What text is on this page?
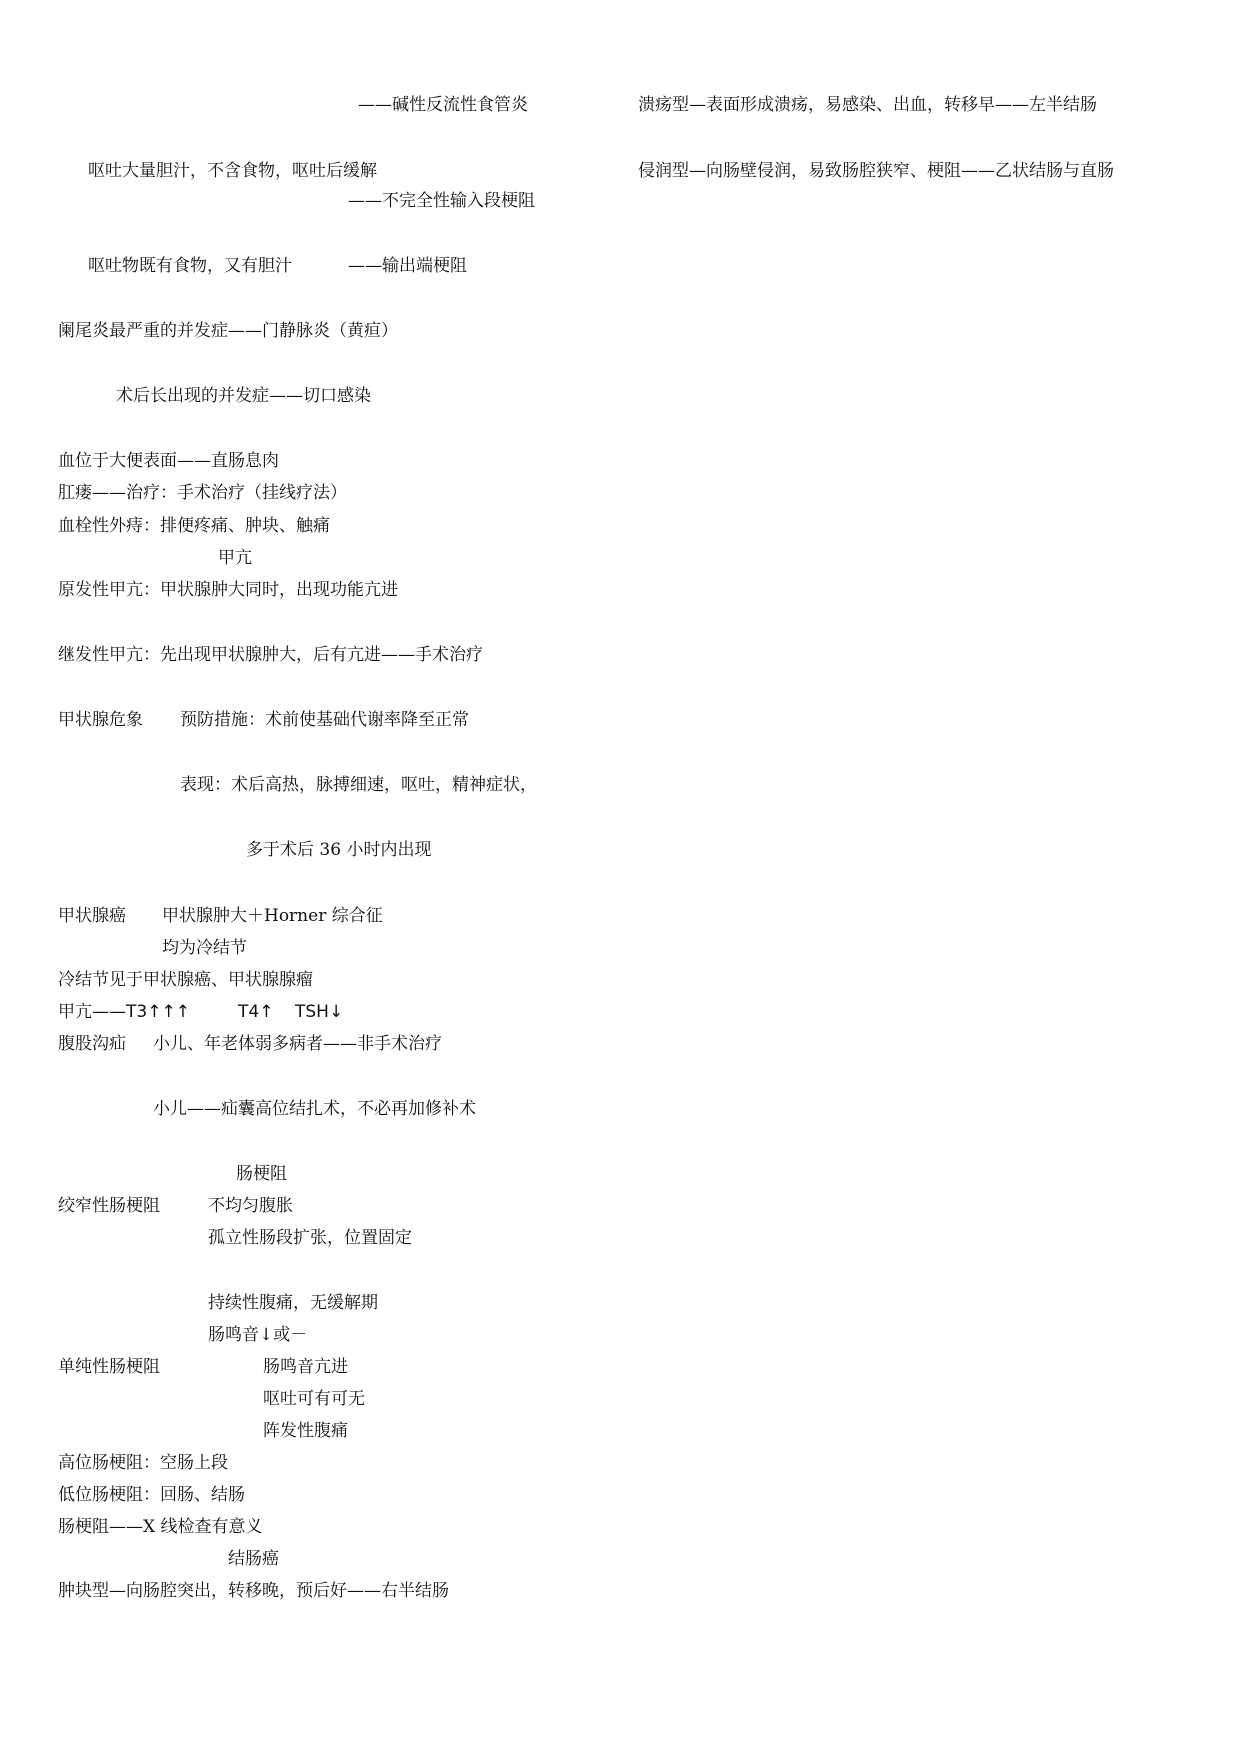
——碱性反流性食管炎
呕吐大量胆汁，不含食物，呕吐后缓解
——不完全性输入段梗阻
呕吐物既有食物，又有胆汁	——输出端梗阻
阑尾炎最严重的并发症——门静脉炎（黄疸）
术后长出现的并发症——切口感染
血位于大便表面——直肠息肉
肛瘘——治疗：手术治疗（挂线疗法）
血栓性外痔：排便疼痛、肿块、触痛
甲亢
原发性甲亢：甲状腺肿大同时，出现功能亢进
继发性甲亢：先出现甲状腺肿大，后有亢进——手术治疗
甲状腺危象 预防措施：术前使基础代谢率降至正常
表现：术后高热，脉搏细速，呕吐，精神症状，
多于术后 36 小时内出现
甲状腺癌 甲状腺肿大＋Horner 综合征
均为冷结节
冷结节见于甲状腺癌、甲状腺腺瘤
甲亢——T3↑↑↑	T4↑ TSH↓
腹股沟疝 小儿、年老体弱多病者——非手术治疗
小儿——疝囊高位结扎术，不必再加修补术
肠梗阻
绞窄性肠梗阻	不均匀腹胀
孤立性肠段扩张，位置固定
持续性腹痛，无缓解期
肠鸣音↓或－
单纯性肠梗阻	肠鸣音亢进
呕吐可有可无
阵发性腹痛
高位肠梗阻：空肠上段
低位肠梗阻：回肠、结肠
肠梗阻——X 线检查有意义
结肠癌
肿块型—向肠腔突出，转移晚，预后好——右半结肠
溃疡型—表面形成溃疡，易感染、出血，转移早——左半结肠
侵润型—向肠壁侵润，易致肠腔狭窄、梗阻——乙状结肠与直肠
